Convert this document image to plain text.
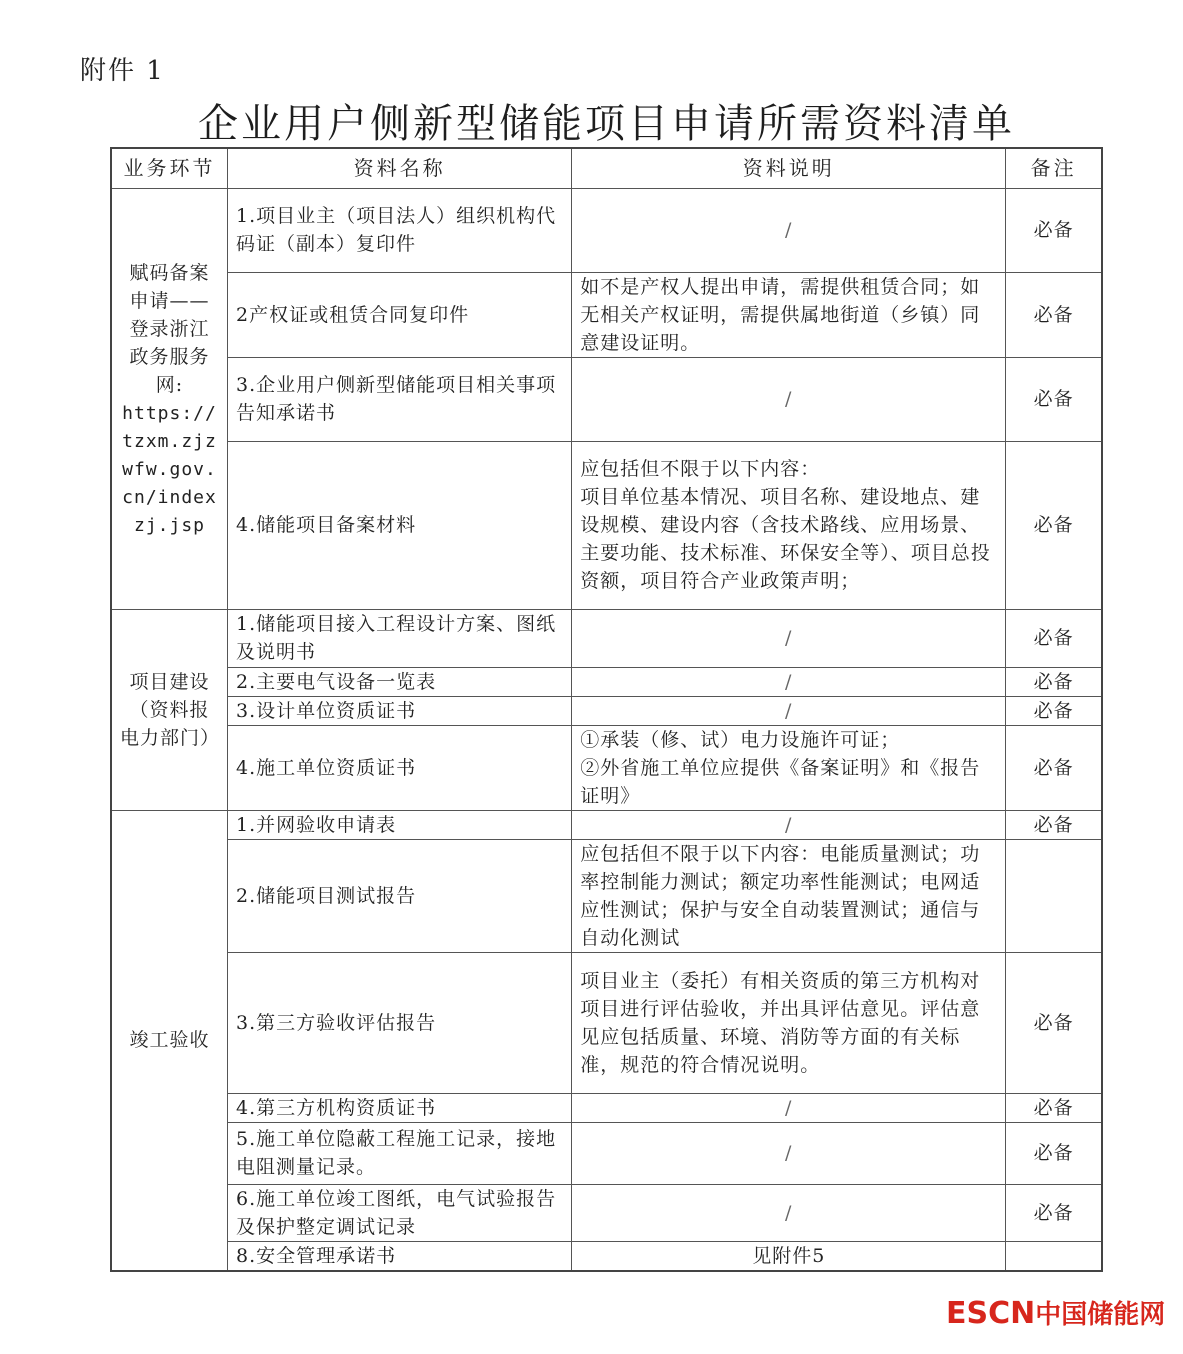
附件 1
企业用户侧新型储能项目申请所需资料清单
业务环节	资料名称	资料说明	备注

赋码备案申请——登录浙江政务服务网:
https://tzxm.zjzwfw.gov.cn/indexzj.jsp	1.项目业主（项目法人）组织机构代码证（副本）复印件	/	必备
	2产权证或租赁合同复印件	如不是产权人提出申请，需提供租赁合同；如无相关产权证明，需提供属地街道（乡镇）同意建设证明。	必备
	3.企业用户侧新型储能项目相关事项告知承诺书	/	必备
	4.储能项目备案材料	应包括但不限于以下内容：
项目单位基本情况、项目名称、建设地点、建设规模、建设内容（含技术路线、应用场景、主要功能、技术标准、环保安全等）、项目总投资额，项目符合产业政策声明；	必备

项目建设（资料报电力部门）	1.储能项目接入工程设计方案、图纸及说明书	/	必备
	2.主要电气设备一览表	/	必备
	3.设计单位资质证书	/	必备
	4.施工单位资质证书	①承装（修、试）电力设施许可证；
②外省施工单位应提供《备案证明》和《报告证明》	必备

竣工验收	1.并网验收申请表	/	必备
	2.储能项目测试报告	应包括但不限于以下内容：电能质量测试；功率控制能力测试；额定功率性能测试；电网适应性测试；保护与安全自动装置测试；通信与自动化测试	
	3.第三方验收评估报告	项目业主（委托）有相关资质的第三方机构对项目进行评估验收，并出具评估意见。评估意见应包括质量、环境、消防等方面的有关标准，规范的符合情况说明。	必备
	4.第三方机构资质证书	/	必备
	5.施工单位隐蔽工程施工记录，接地电阻测量记录。	/	必备
	6.施工单位竣工图纸，电气试验报告及保护整定调试记录	/	必备
	8.安全管理承诺书	见附件5	
ESCN中国储能网
